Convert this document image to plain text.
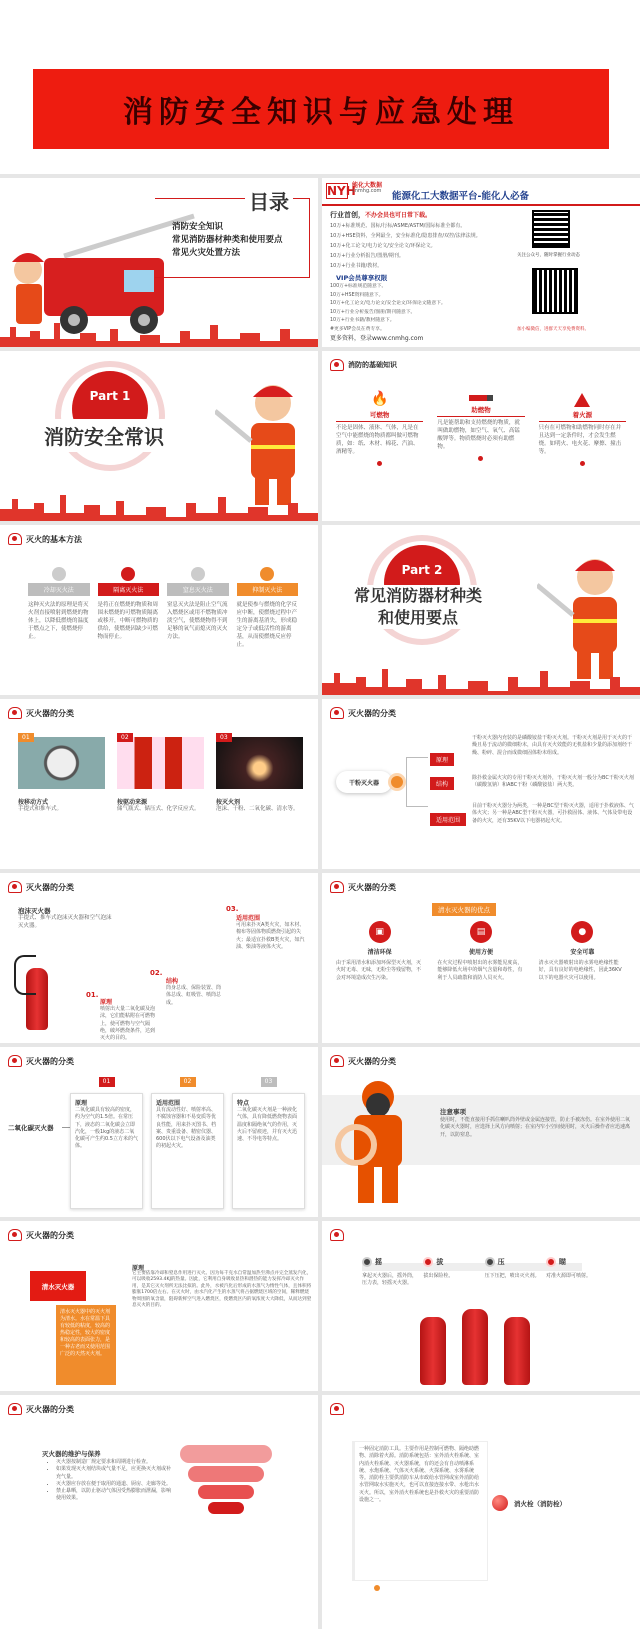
消防安全知识与应急处理
目录
消防安全知识
常见消防器材种类和使用要点
常见火灾处置方法
NYH
能化大数据
cnmhg.com 能源化工大数据平台-能化人必备
行业首创，不办会员也可日常下载。
10万+标准规范、国标/行标/ASME/ASTM/国际标准全都有。
10万+HSE资料，全网最全，安全标准化/隐患排查/双控/法律法规。
10万+化工论文/电力论文/安全论文/环保论文。
10万+行业分析报告/图册/期刊。
10万+行业书籍/教材。
VIP会员尊享权限
100万+标准规范随意下。
10万+HSE资料随意下。
10万+化工论文/电力论文/安全论文/环保论文随意下。
10万+行业分析报告/图册/期刊随意下。
10万+行业书籍/教材随意下。
#更多VIP会员在费专享。
关注公众号，随时掌握行业动态
加小编微信，进群天天享免费资料。
更多资料，登录www.cnmhg.com
Part 1
消防安全常识
消防的基础知识
🔥
可燃物
不论是固体、液体、气体，凡是在空气中能燃烧的物质都叫做可燃物质，如：纸、木材、棉花、汽油、酒精等。
助燃物
凡是能帮助和支持燃烧的物质，就叫做助燃物，如空气、氧气、高锰酸钾等。物质燃烧时必须有助燃物。
着火源
只有在可燃物和助燃物同时存在并且达到一定条件时，才会发生燃烧。如明火、电火花、摩擦、撞击等。
灭火的基本方法
冷却灭火法
这种灭火法的原理是将灭火剂直接喷射到燃烧的物体上，以降低燃烧的温度于燃点之下，使燃烧停止。
隔离灭火法
是将正在燃烧的物质和周围未燃烧的可燃物质隔离或移开，中断可燃物质的供给，使燃烧因缺少可燃物而停止。
窒息灭火法
窒息灭火法是阻止空气流入燃烧区或用不燃物质冲淡空气，使燃烧物得不到足够的氧气而熄灭的灭火方法。
抑制灭火法
就是使参与燃烧的化学反应中断，使燃烧过程中产生的游离基消失，形成稳定分子或低活性的游离基，从而使燃烧反应停止。
Part 2
常见消防器材种类
和使用要点
灭火器的分类
01
按移动方式
手提式和推车式。
02
按驱动来源
储气瓶式、储压式、化学反应式。
03
按灭火剂
泡沫、干粉、二氧化碳、清水等。
灭火器的分类
干粉灭火器
原理
结构
适用范围
干粉灭火器内充装的是磷酸铵盐干粉灭火剂。干粉灭火剂是用于灭火的干燥且易于流动的微细粉末，由具有灭火效能的无机盐和少量的添加剂经干燥、粉碎、混合而成微细固体粉末组成。
除扑救金属火灾的专用干粉灭火剂外，干粉灭火剂一般分为BC干粉灭火剂（碳酸氢钠）和ABC干粉（磷酸铵盐）两大类。
目前干粉灭火器分为两类，一种是BC型干粉灭火器，适用于扑救液体、气体火灾；另一种是ABC型干粉灭火器，可扑救固体、液体、气体及带电设备的火灾，还有35KV以下电器初起火灾。
灭火器的分类
泡沫灭火器
手提式、推车式泡沫灭火器和空气泡沫灭火器。
01.
02.
03.
原理
喷射出大量二氧化碳及泡沫，它们能粘附在可燃物上，使可燃物与空气隔绝，破坏燃烧条件，达到灭火的目的。
结构
筒身总成、保险装置、筒体总成、虹吸管、喷筒总成。
适用范围
可用来扑灭A类火灾，如木材、棉布等固体物质燃烧引起的失火；最适宜扑救B类火灾，如汽油、柴油等液体火灾。
灭火器的分类
清水灭火器的优点
▣
清洁环保
由于采用清水和添加环保型灭火剂，灭火时无毒、无味，无粉尘等残留物，不会对环境造成次生污染。
▤
使用方便
在火灾过程中喷射出的水雾能见度高，能够降低火场中的烟气含量和毒性，有利于人员疏散和消防人员灭火。
●
安全可靠
清水灭火器喷射出的水雾电绝缘性能好，具有良好的电绝缘性，因此36KV以下的电器火灾可以使用。
灭火器的分类
二氧化碳灭火器
01
原理
二氧化碳具有较高的密度，约为空气的1.5倍。在常压下，液态的二氧化碳会立即汽化，一般1kg的液态二氧化碳可产生约0.5立方米的气体。
02
适用范围
具有流动性好、喷射率高、不腐蚀容器和不易变质等优良性能，用来扑灭图书、档案、贵重设备、精密仪器、600伏以下电气设备及油类的初起火灾。
03
特点
二氧化碳灭火剂是一种液化气体，具有降低燃烧物表面温度和隔绝氧气的作用，灭火后不留痕迹，并有灭火迅速、不导电等特点。
灭火器的分类
注意事项
使用时，不能直接用手抓住喇叭筒外壁或金属连接管，防止手被冻伤。在室外使用二氧化碳灭火器时，应选择上风方向喷射；在室内窄小空间使用时，灭火后操作者应迅速离开，以防窒息。
灭火器的分类
清水灭火器
清水灭火器中的灭火剂为清水。水在常温下具有较低的粘度，较高的热稳定性，较大的密度和较高的表面张力，是一种古老而又使用范围广泛的天然灭火剂。
原理
它主要依靠冷却和窒息作用进行灭火。因为每千克水自常温加热至沸点并完全蒸发汽化，可以吸收2593.4KJ的热量。因此，它利用自身吸收显热和潜热的能力发挥冷却灭火作用，是其它灭火剂所无法比拟的。此外，水被汽化后形成的水蒸气为惰性气体，且体积将膨胀1700倍左右。在灭火时，由水汽化产生的水蒸气将占据燃烧区域的空间，稀释燃烧物周围的氧含量，阻碍新鲜空气进入燃烧区，使燃烧区内的氧浓度大大降低，从而达到窒息灭火的目的。
摇
拿起灭火器后，摇外筒，压力表，轻摇灭火器。
拔
拔出保险栓。
压
压下压把，喷出灭火剂。
瞄
对准火源即可喷射。
灭火器的分类
灭火器的维护与保养
• 灭火器按制造厂规定要求和周期进行检查。
• 如果发现灭火剂结块或气量不足，应更换灭火剂或补充气量。
• 灭火器应存放在便于取用的通道、厨房、走廊等处。
• 禁止暴晒，以防止驱动气体因受热膨胀而泄漏，影响使用效果。
一种固定消防工具。主要作用是控制可燃物、隔绝助燃物、消除着火源。消防系统包括：室外消火栓系统、室内消火栓系统、灭火器系统，有的还会有自动喷淋系统、水炮系统、气体灭火系统、火探系统、水雾系统等。消防栓主要供消防车从市政给水管网或室外消防给水管网取水实施灭火，也可以直接连接水带、水枪出水灭火。所以，室外消火栓系统也是扑救火灾的重要消防设施之一。
消火栓（消防栓）
